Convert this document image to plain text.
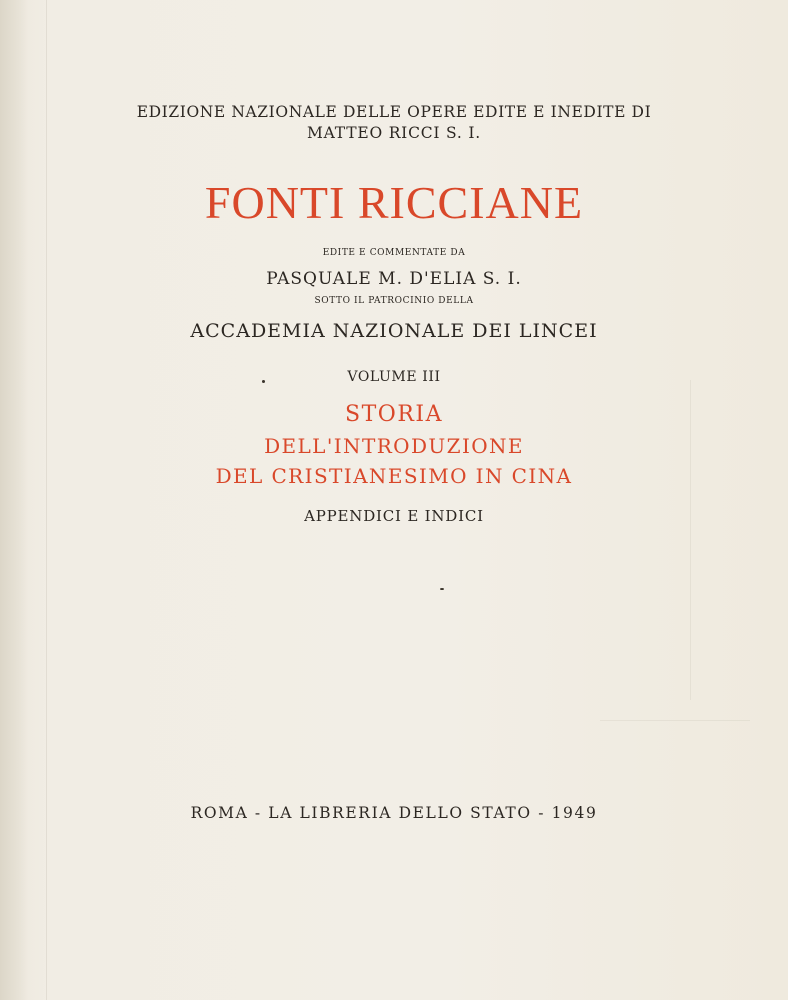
EDIZIONE NAZIONALE DELLE OPERE EDITE E INEDITE DI
MATTEO RICCI S. I.
FONTI RICCIANE
EDITE E COMMENTATE DA
PASQUALE M. D'ELIA S. I.
SOTTO IL PATROCINIO DELLA
ACCADEMIA NAZIONALE DEI LINCEI
VOLUME III
STORIA
DELL'INTRODUZIONE
DEL CRISTIANESIMO IN CINA
APPENDICI E INDICI
ROMA - LA LIBRERIA DELLO STATO - 1949
